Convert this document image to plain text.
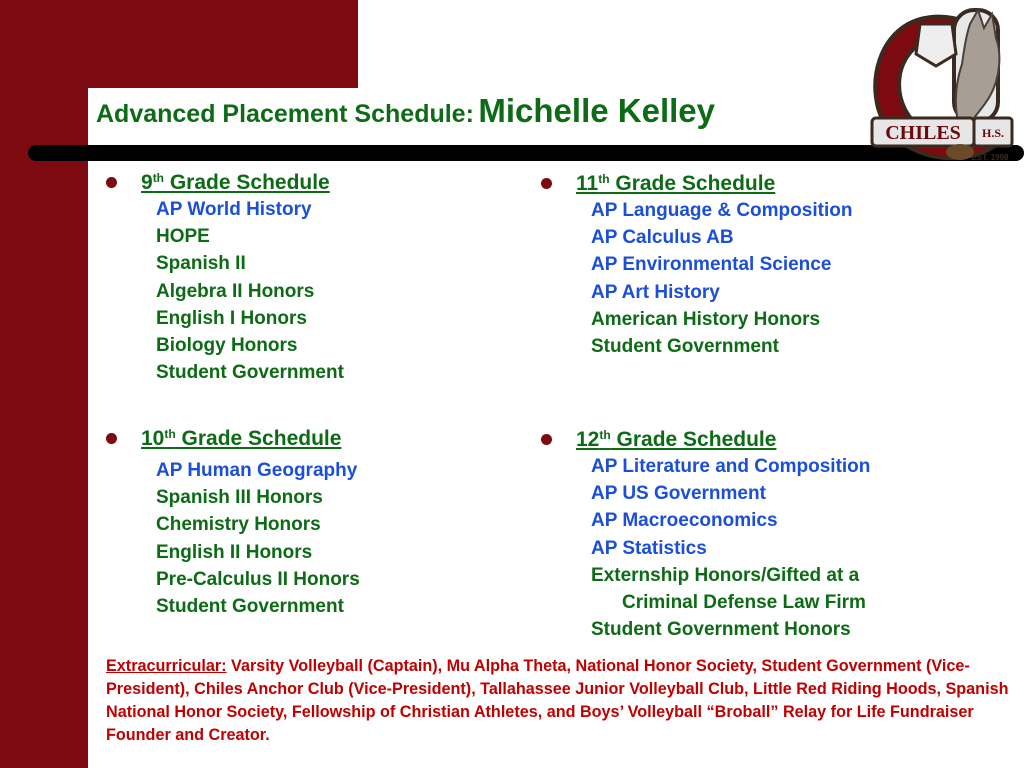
Advanced Placement Schedule: Michelle Kelley
CHILES H.S.
EST. 1998
9th Grade Schedule
AP World History
HOPE
Spanish II
Algebra II Honors
English I Honors
Biology Honors
Student Government
10th Grade Schedule
AP Human Geography
Spanish III Honors
Chemistry Honors
English II Honors
Pre-Calculus II Honors
Student Government
11th Grade Schedule
AP Language & Composition
AP Calculus AB
AP Environmental Science
AP Art History
American History Honors
Student Government
12th Grade Schedule
AP Literature and Composition
AP US Government
AP Macroeconomics
AP Statistics
Externship Honors/Gifted at a
Criminal Defense Law Firm
Student Government Honors
Extracurricular: Varsity Volleyball (Captain), Mu Alpha Theta, National Honor Society, Student Government (Vice-President), Chiles Anchor Club (Vice-President), Tallahassee Junior Volleyball Club, Little Red Riding Hoods, Spanish National Honor Society, Fellowship of Christian Athletes, and Boys’ Volleyball “Broball” Relay for Life Fundraiser Founder and Creator.
